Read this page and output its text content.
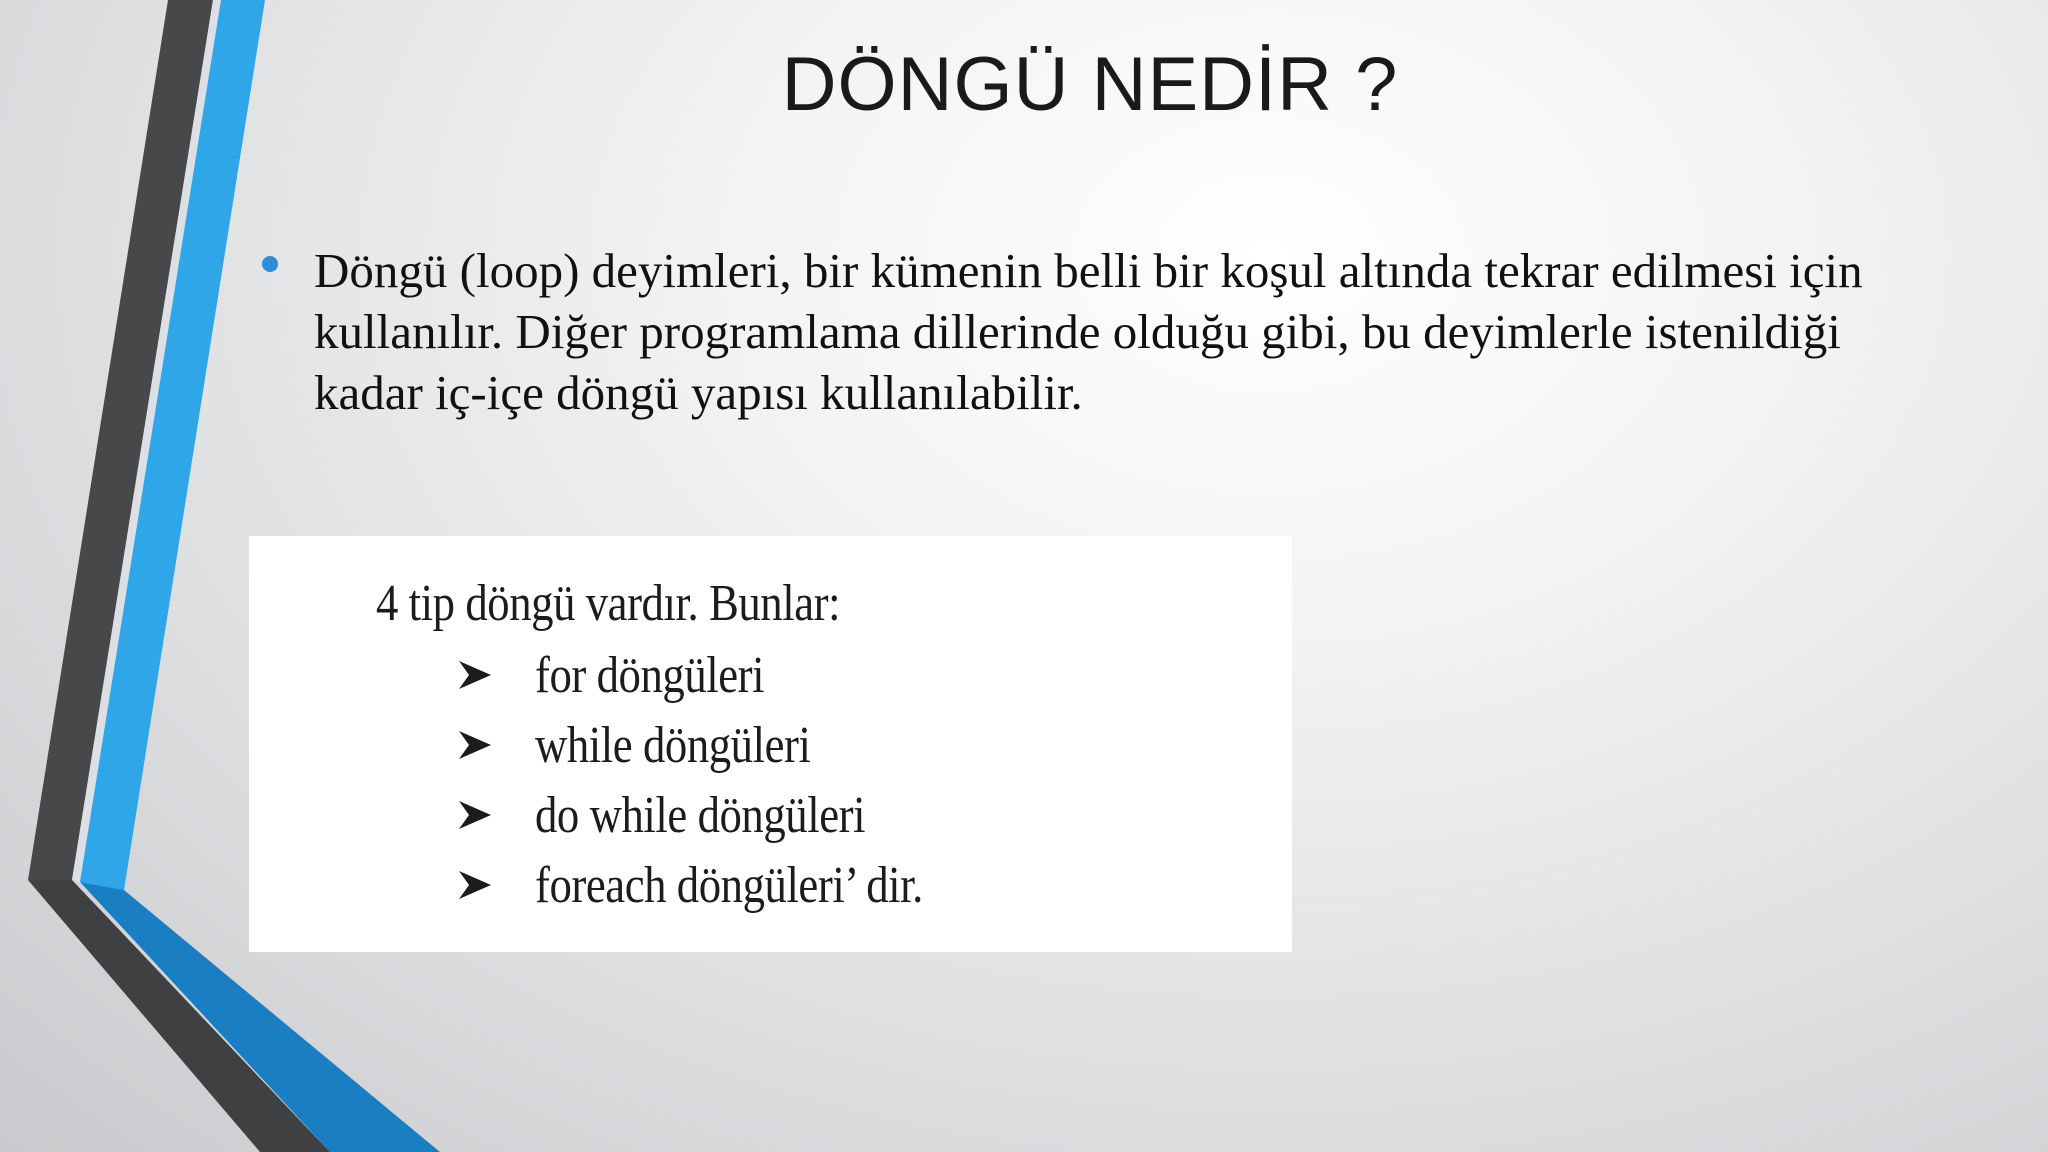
DÖNGÜ NEDİR ?
Döngü (loop) deyimleri, bir kümenin belli bir koşul altında tekrar edilmesi için kullanılır. Diğer programlama dillerinde olduğu gibi, bu deyimlerle istenildiği kadar iç-içe döngü yapısı kullanılabilir.
4 tip döngü vardır. Bunlar:
for döngüleri
while döngüleri
do while döngüleri
foreach döngüleri’ dir.
